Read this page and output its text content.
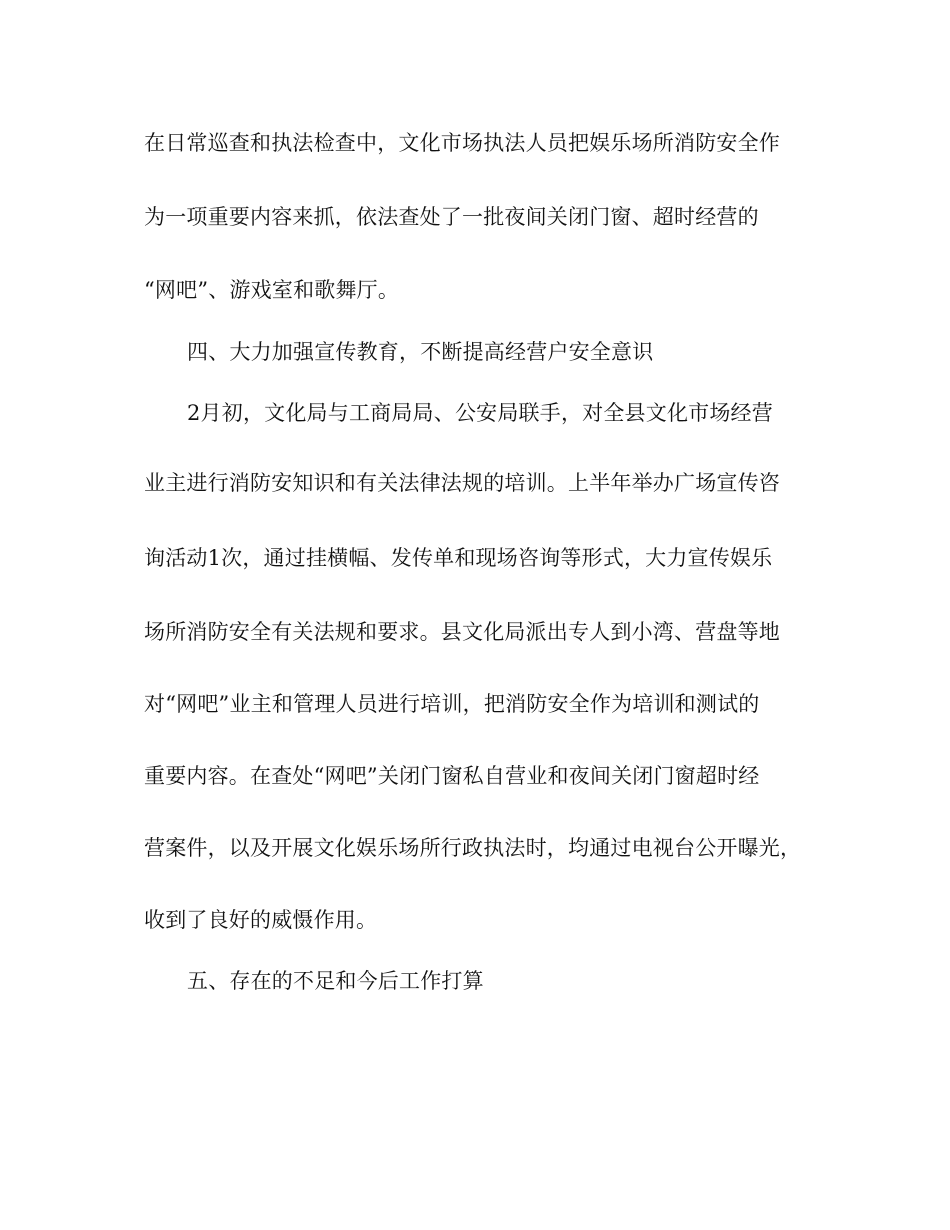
在日常巡查和执法检查中，文化市场执法人员把娱乐场所消防安全作
为一项重要内容来抓，依法查处了一批夜间关闭门窗、超时经营的
“网吧”、游戏室和歌舞厅。
四、大力加强宣传教育，不断提高经营户安全意识
2月初，文化局与工商局局、公安局联手，对全县文化市场经营
业主进行消防安知识和有关法律法规的培训。上半年举办广场宣传咨
询活动1次，通过挂横幅、发传单和现场咨询等形式，大力宣传娱乐
场所消防安全有关法规和要求。县文化局派出专人到小湾、营盘等地
对“网吧”业主和管理人员进行培训，把消防安全作为培训和测试的
重要内容。在查处“网吧”关闭门窗私自营业和夜间关闭门窗超时经
营案件，以及开展文化娱乐场所行政执法时，均通过电视台公开曝光，
收到了良好的威慑作用。
五、存在的不足和今后工作打算
